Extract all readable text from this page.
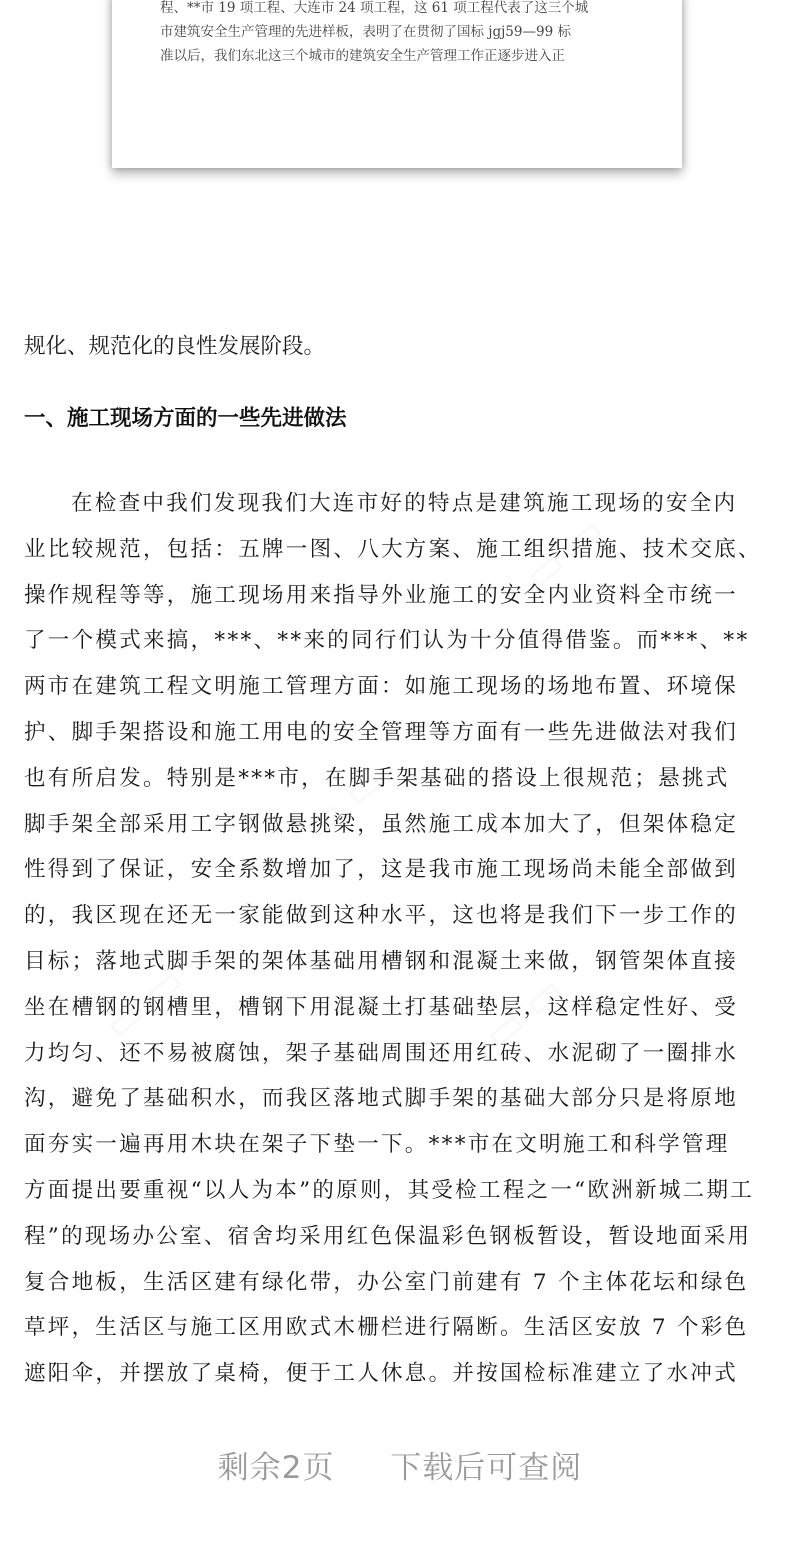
程、**市 19 项工程、大连市 24 项工程，这 61 项工程代表了这三个城
市建筑安全生产管理的先进样板，表明了在贯彻了国标 jgj59—99 标
准以后，我们东北这三个城市的建筑安全生产管理工作正逐步进入正

▭ ▭
▭ ▭
▭ ▭	▭ ▭

规化、规范化的良性发展阶段。

一、施工现场方面的一些先进做法
在检查中我们发现我们大连市好的特点是建筑施工现场的安全内
业比较规范，包括：五牌一图、八大方案、施工组织措施、技术交底、
操作规程等等，施工现场用来指导外业施工的安全内业资料全市统一
了一个模式来搞，***、**来的同行们认为十分值得借鉴。而***、**
两市在建筑工程文明施工管理方面：如施工现场的场地布置、环境保
护、脚手架搭设和施工用电的安全管理等方面有一些先进做法对我们
也有所启发。特别是***市，在脚手架基础的搭设上很规范；悬挑式
脚手架全部采用工字钢做悬挑梁，虽然施工成本加大了，但架体稳定
性得到了保证，安全系数增加了，这是我市施工现场尚未能全部做到
的，我区现在还无一家能做到这种水平，这也将是我们下一步工作的
目标；落地式脚手架的架体基础用槽钢和混凝土来做，钢管架体直接
坐在槽钢的钢槽里，槽钢下用混凝土打基础垫层，这样稳定性好、受
力均匀、还不易被腐蚀，架子基础周围还用红砖、水泥砌了一圈排水
沟，避免了基础积水，而我区落地式脚手架的基础大部分只是将原地
面夯实一遍再用木块在架子下垫一下。***市在文明施工和科学管理
方面提出要重视“以人为本”的原则，其受检工程之一“欧洲新城二期工
程”的现场办公室、宿舍均采用红色保温彩色钢板暂设，暂设地面采用
复合地板，生活区建有绿化带，办公室门前建有 7 个主体花坛和绿色
草坪，生活区与施工区用欧式木栅栏进行隔断。生活区安放 7 个彩色
遮阳伞，并摆放了桌椅，便于工人休息。并按国检标准建立了水冲式

剩余2页 下载后可查阅
